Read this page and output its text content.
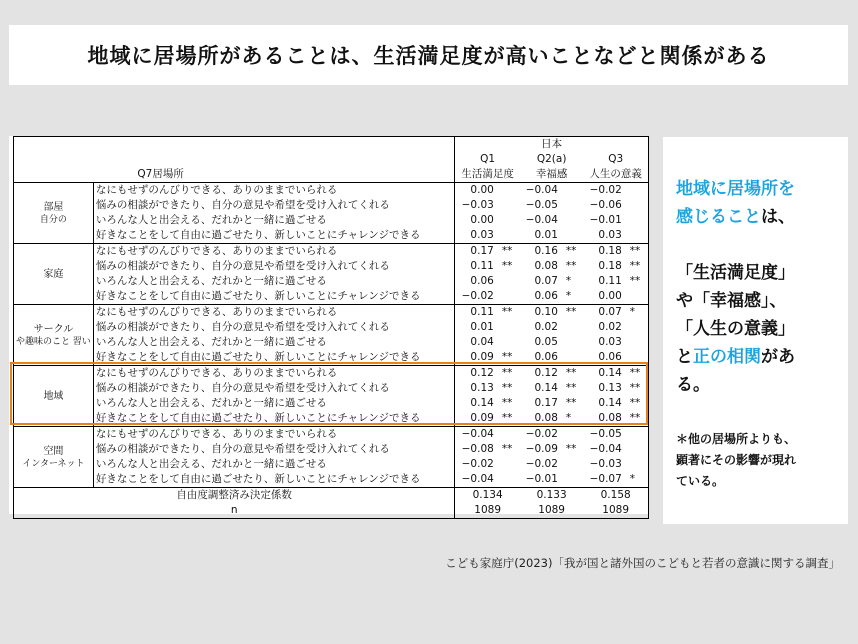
地域に居場所があることは、生活満足度が高いことなどと関係がある
		日本					
		Q1		Q2(a)		Q3	
	Q7居場所	生活満足度		幸福感		人生の意義	
部屋
自分の	なにもせずのんびりできる、ありのままでいられる	0.00		−0.04		−0.02	
	悩みの相談ができたり、自分の意見や希望を受け入れてくれる	−0.03		−0.05		−0.06	
	いろんな人と出会える、だれかと一緒に過ごせる	0.00		−0.04		−0.01	
	好きなことをして自由に過ごせたり、新しいことにチャレンジできる	0.03		0.01		0.03	
家庭	なにもせずのんびりできる、ありのままでいられる	0.17	**	0.16	**	0.18	**
	悩みの相談ができたり、自分の意見や希望を受け入れてくれる	0.11	**	0.08	**	0.18	**
	いろんな人と出会える、だれかと一緒に過ごせる	0.06		0.07	*	0.11	**
	好きなことをして自由に過ごせたり、新しいことにチャレンジできる	−0.02		0.06	*	0.00	
サークル
や趣味のこと 習い	なにもせずのんびりできる、ありのままでいられる	0.11	**	0.10	**	0.07	*
	悩みの相談ができたり、自分の意見や希望を受け入れてくれる	0.01		0.02		0.02	
	いろんな人と出会える、だれかと一緒に過ごせる	0.04		0.05		0.03	
	好きなことをして自由に過ごせたり、新しいことにチャレンジできる	0.09	**	0.06		0.06	
地域	なにもせずのんびりできる、ありのままでいられる	0.12	**	0.12	**	0.14	**
	悩みの相談ができたり、自分の意見や希望を受け入れてくれる	0.13	**	0.14	**	0.13	**
	いろんな人と出会える、だれかと一緒に過ごせる	0.14	**	0.17	**	0.14	**
	好きなことをして自由に過ごせたり、新しいことにチャレンジできる	0.09	**	0.08	*	0.08	**
空間
インターネット	なにもせずのんびりできる、ありのままでいられる	−0.04		−0.02		−0.05	
	悩みの相談ができたり、自分の意見や希望を受け入れてくれる	−0.08	**	−0.09	**	−0.04	
	いろんな人と出会える、だれかと一緒に過ごせる	−0.02		−0.02		−0.03	
	好きなことをして自由に過ごせたり、新しいことにチャレンジできる	−0.04		−0.01		−0.07	*
自由度調整済み決定係数		0.134		0.133		0.158	
n		1089		1089		1089	
地域に居場所を
感じることは、
「生活満足度」
や「幸福感」、
「人生の意義」
と正の相関があ
る。
＊他の居場所よりも、
顕著にその影響が現れ
ている。
こども家庭庁(2023)「我が国と諸外国のこどもと若者の意識に関する調査」
